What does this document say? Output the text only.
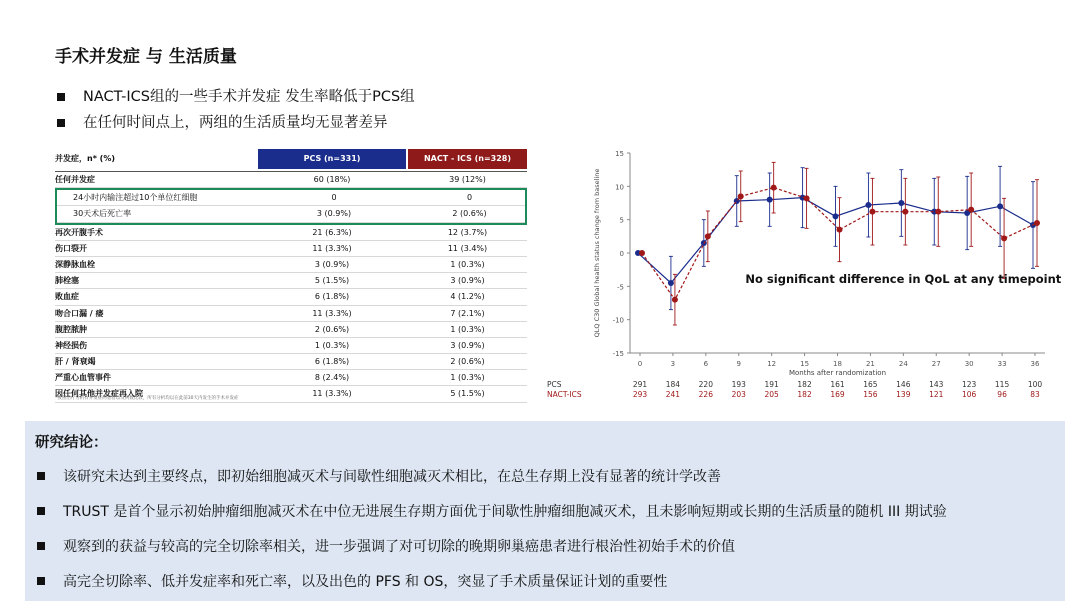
手术并发症 与 生活质量
NACT-ICS组的一些手术并发症 发生率略低于PCS组
在任何时间点上，两组的生活质量均无显著差异
并发症，n* (%)	PCS (n=331)	NACT - ICS (n=328)
任何并发症	60 (18%)	39 (12%)
24小时内输注超过10个单位红细胞	0	0
30天术后死亡率	3 (0.9%)	2 (0.6%)
再次开腹手术	21 (6.3%)	12 (3.7%)
伤口裂开	11 (3.3%)	11 (3.4%)
深静脉血栓	3 (0.9%)	1 (0.3%)
肺栓塞	5 (1.5%)	3 (0.9%)
败血症	6 (1.8%)	4 (1.2%)
吻合口漏 / 瘘	11 (3.3%)	7 (2.1%)
腹腔脓肿	2 (0.6%)	1 (0.3%)
神经损伤	1 (0.3%)	3 (0.9%)
肝 / 肾衰竭	6 (1.8%)	2 (0.6%)
严重心血管事件	8 (2.4%)	1 (0.3%)
因任何其他并发症再入院	11 (3.3%)	5 (1.5%)
*按照治疗分析有并发症的患者以及例数比较，所有分析均以在此前30天内发生的手术并发症
-15
-10
-5
0
5
10
15
0	3	6	9	12	15	18	21	24	27	30	33	36
Months after randomization
QLQ C30 Global health status change from baseline	No significant difference in QoL at any timepoint
PCS	291 184 220 193 191 182 161 165 146 143 123 115 100
NACT-ICS	293 241 226 203 205 182 169 156 139 121 106	96	83
研究结论：
该研究未达到主要终点，即初始细胞减灭术与间歇性细胞减灭术相比，在总生存期上没有显著的统计学改善
TRUST 是首个显示初始肿瘤细胞减灭术在中位无进展生存期方面优于间歇性肿瘤细胞减灭术，且未影响短期或长期的生活质量的随机 III 期试验
观察到的获益与较高的完全切除率相关，进一步强调了对可切除的晚期卵巢癌患者进行根治性初始手术的价值
高完全切除率、低并发症率和死亡率，以及出色的 PFS 和 OS，突显了手术质量保证计划的重要性
